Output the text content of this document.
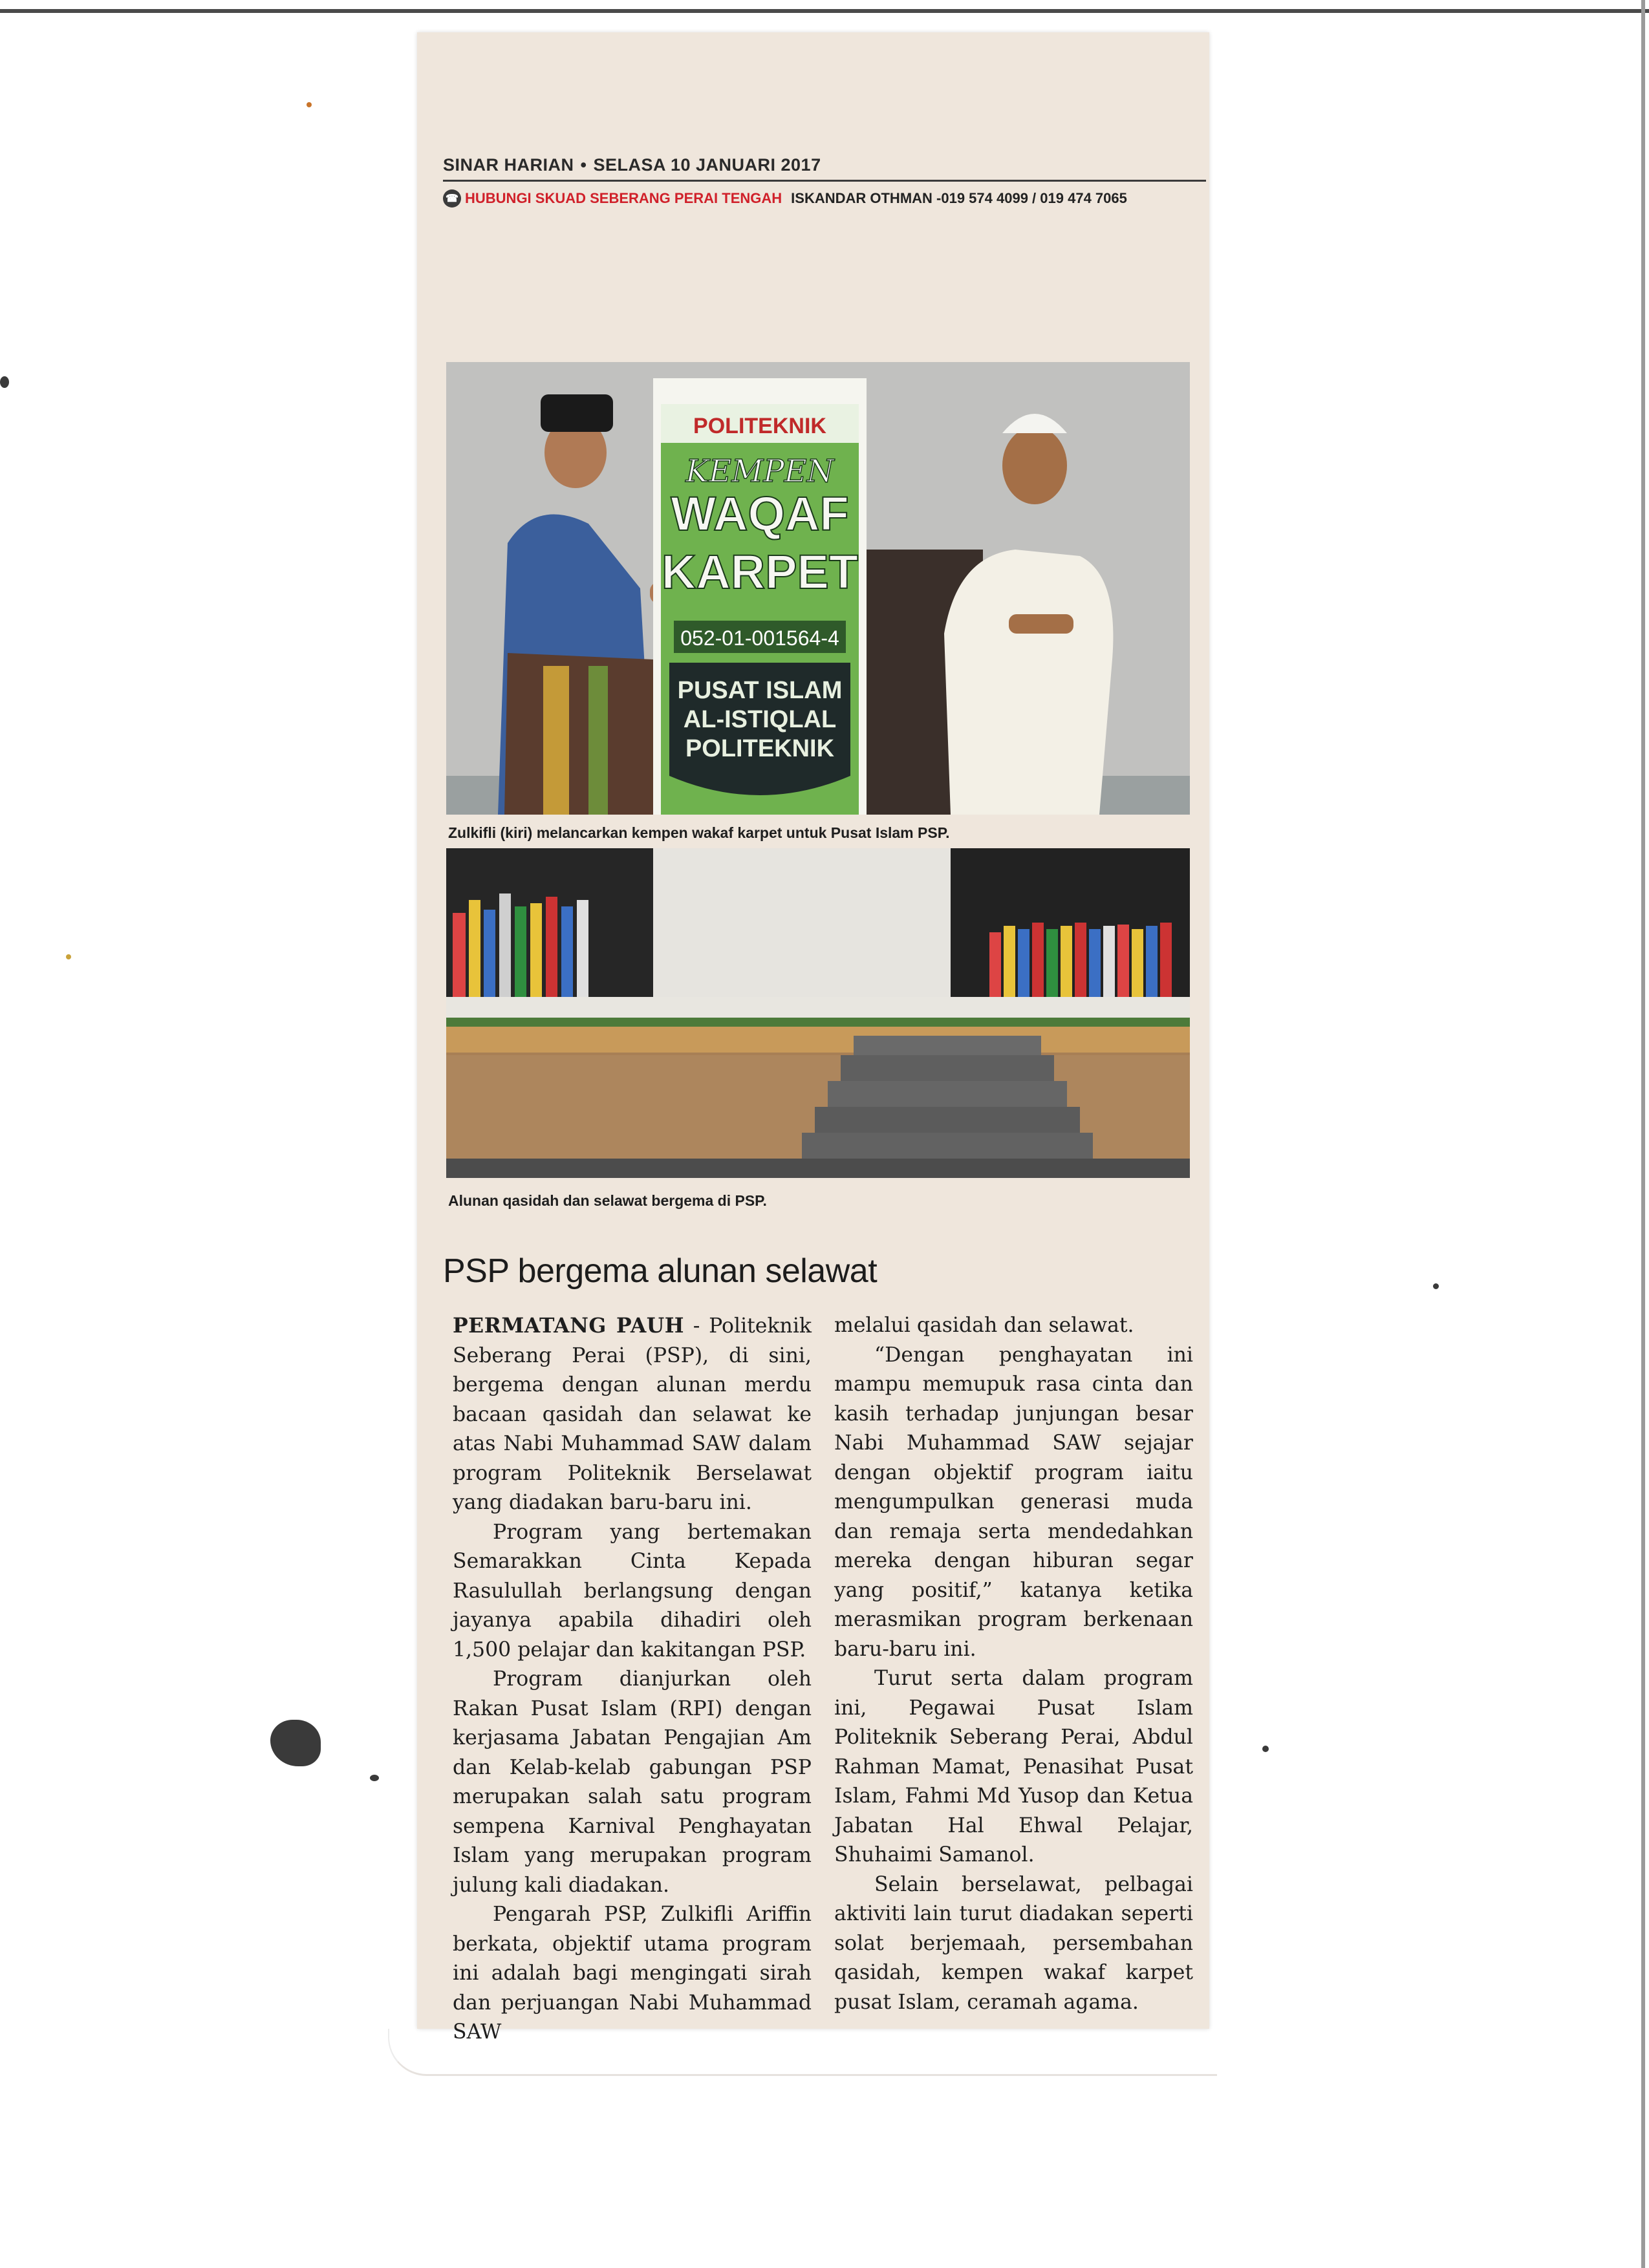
SINAR HARIAN • SELASA 10 JANUARI 2017
☎ HUBUNGI SKUAD SEBERANG PERAI TENGAH ISKANDAR OTHMAN -019 574 4099 / 019 474 7065
POLITEKNIK
KEMPEN
WAQAF
KARPET
052-01-001564-4
PUSAT ISLAM
AL-ISTIQLAL
POLITEKNIK
Zulkifli (kiri) melancarkan kempen wakaf karpet untuk Pusat Islam PSP.
Alunan qasidah dan selawat bergema di PSP.
PSP bergema alunan selawat

PERMATANG PAUH - Politeknik Seberang Perai (PSP), di sini, bergema dengan alunan merdu bacaan qasidah dan selawat ke atas Nabi Muhammad SAW dalam program Politeknik Berselawat yang diadakan baru-baru ini.

Program yang bertemakan Semarakkan Cinta Kepada Rasulullah berlangsung dengan jayanya apabila dihadiri oleh 1,500 pelajar dan kakitangan PSP.

Program dianjurkan oleh Rakan Pusat Islam (RPI) dengan kerjasama Jabatan Pengajian Am dan Kelab-kelab gabungan PSP merupakan salah satu program sempena Karnival Penghayatan Islam yang merupakan program julung kali diadakan.

Pengarah PSP, Zulkifli Ariffin berkata, objektif utama program ini adalah bagi mengingati sirah dan perjuangan Nabi Muhammad SAW

melalui qasidah dan selawat.

“Dengan penghayatan ini mampu memupuk rasa cinta dan kasih terhadap junjungan besar Nabi Muhammad SAW sejajar dengan objektif program iaitu mengumpulkan generasi muda dan remaja serta mendedahkan mereka dengan hiburan segar yang positif,” katanya ketika merasmikan program berkenaan baru-baru ini.

Turut serta dalam program ini, Pegawai Pusat Islam Politeknik Seberang Perai, Abdul Rahman Mamat, Penasihat Pusat Islam, Fahmi Md Yusop dan Ketua Jabatan Hal Ehwal Pelajar, Shuhaimi Samanol.

Selain berselawat, pelbagai aktiviti lain turut diadakan seperti solat berjemaah, persembahan qasidah, kempen wakaf karpet pusat Islam, ceramah agama.
